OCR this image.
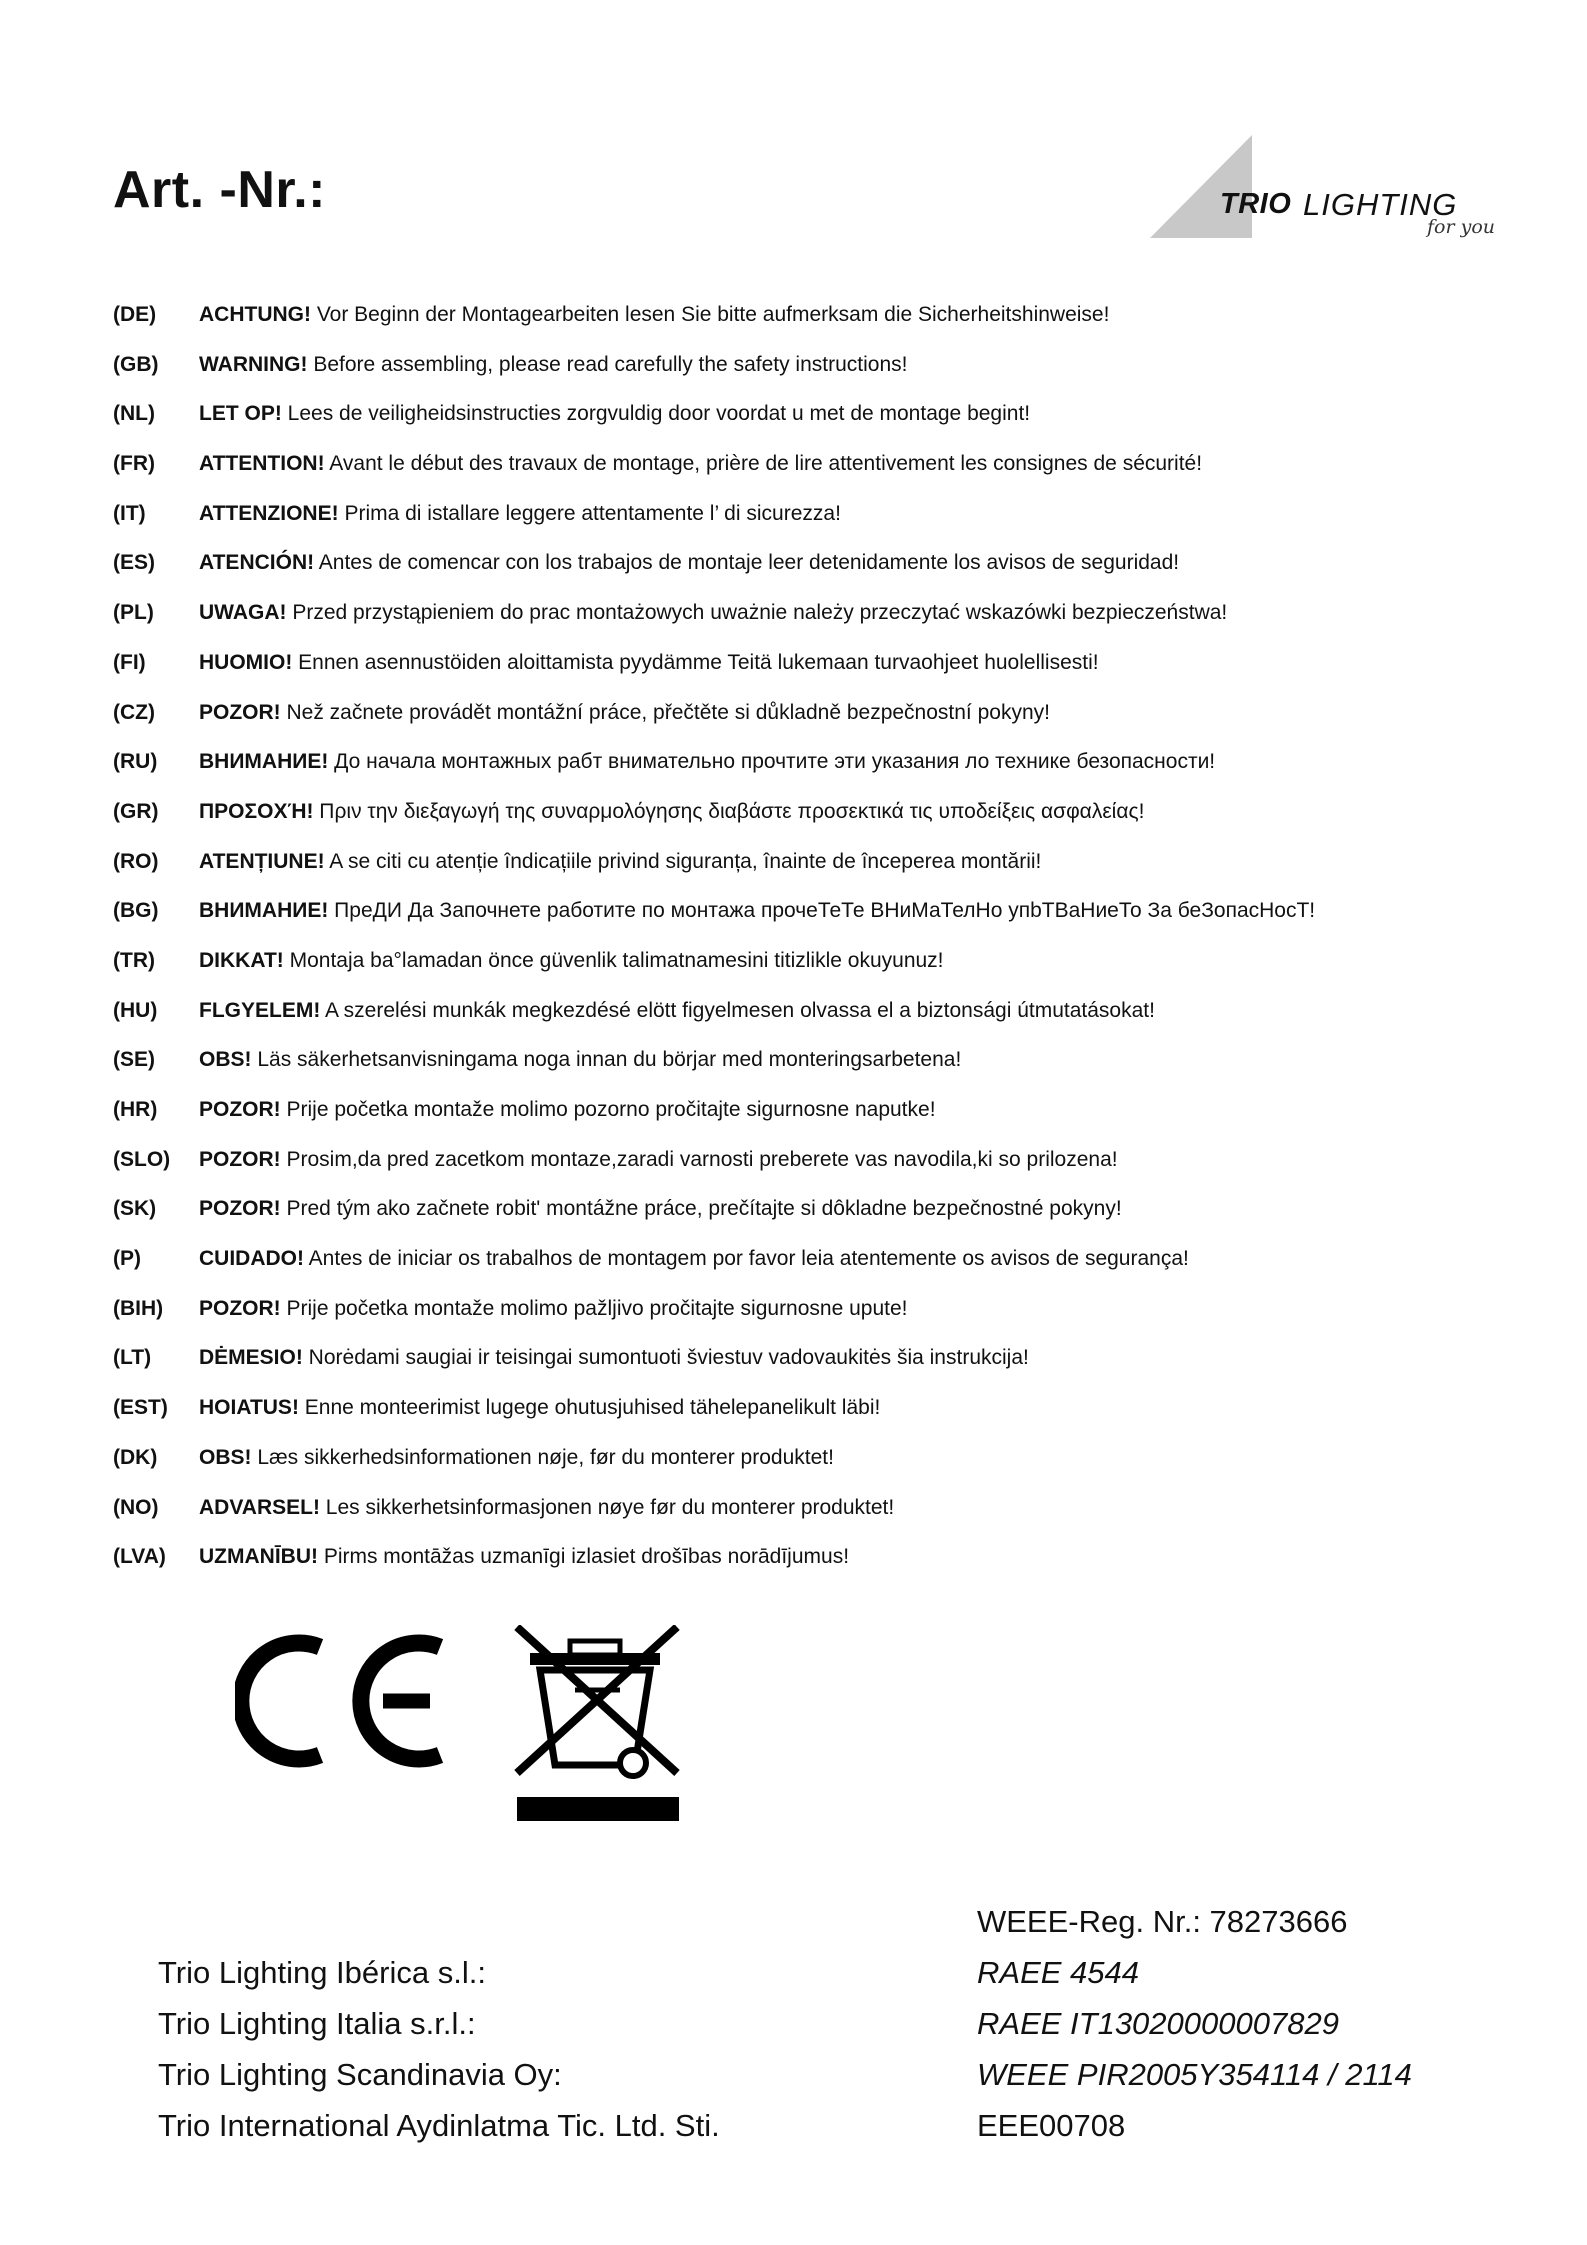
Art. -Nr.:	TRIO LIGHTING
for you
(DE) ACHTUNG! Vor Beginn der Montagearbeiten lesen Sie bitte aufmerksam die Sicherheitshinweise!
(GB) WARNING! Before assembling, please read carefully the safety instructions!
(NL) LET OP! Lees de veiligheidsinstructies zorgvuldig door voordat u met de montage begint!
(FR) ATTENTION! Avant le début des travaux de montage, prière de lire attentivement les consignes de sécurité!
(IT)	ATTENZIONE! Prima di istallare leggere attentamente l’ di sicurezza!
(ES) ATENCIÓN! Antes de comencar con los trabajos de montaje leer detenidamente los avisos de seguridad!
(PL) UWAGA! Przed przystąpieniem do prac montażowych uważnie należy przeczytać wskazówki bezpieczeństwa!
(FI)	HUOMIO! Ennen asennustöiden aloittamista pyydämme Teitä lukemaan turvaohjeet huolellisesti!
(CZ) POZOR! Než začnete provádět montážní práce, přečtěte si důkladně bezpečnostní pokyny!
(RU) ВНИМАНИЕ! До начала монтажных рабт внимательно прочтите эти указания ло технике безопасности!
(GR) ΠΡΟΣΟΧΉ! Πριν την διεξαγωγή της συναρμολόγησης διαβάστε προσεκτικά τις υποδείξεις ασφαλείας!
(RO) ATENȚIUNE! A se citi cu atenție îndicațiile privind siguranța, înainte de începerea montării!
(BG) ВНИМАНИЕ! ПреДИ Да Започнете работите по монтажа прочеТеТе ВНиМаТелНо упbТВаНиеТо За беЗопасНосТ!
(TR) DIKKAT! Montaja ba°lamadan önce güvenlik talimatnamesini titizlikle okuyunuz!
(HU) FLGYELEM! A szerelési munkák megkezdésé elött figyelmesen olvassa el a biztonsági útmutatásokat!
(SE) OBS! Läs säkerhetsanvisningama noga innan du börjar med monteringsarbetena!
(HR) POZOR! Prije početka montaže molimo pozorno pročitajte sigurnosne naputke!
(SLO) POZOR! Prosim,da pred zacetkom montaze,zaradi varnosti preberete vas navodila,ki so prilozena!
(SK) POZOR! Pred tým ako začnete robit' montážne práce, prečítajte si dôkladne bezpečnostné pokyny!
(P)	CUIDADO! Antes de iniciar os trabalhos de montagem por favor leia atentemente os avisos de segurança!
(BIH) POZOR! Prije početka montaže molimo pažljivo pročitajte sigurnosne upute!
(LT) DĖMESIO! Norėdami saugiai ir teisingai sumontuoti šviestuv vadovaukitės šia instrukcija!
(EST) HOIATUS! Enne monteerimist lugege ohutusjuhised tähelepanelikult läbi!
(DK) OBS! Læs sikkerhedsinformationen nøje, før du monterer produktet!
(NO) ADVARSEL! Les sikkerhetsinformasjonen nøye før du monterer produktet!
(LVA) UZMANĪBU! Pirms montāžas uzmanīgi izlasiet drošības norādījumus!
Trio Lighting Ibérica s.l.:
Trio Lighting Italia s.r.l.:
Trio Lighting Scandinavia Oy:
Trio International Aydinlatma Tic. Ltd. Sti.
WEEE-Reg. Nr.: 78273666
RAEE 4544
RAEE IT13020000007829
WEEE PIR2005Y354114 / 2114
EEE00708
